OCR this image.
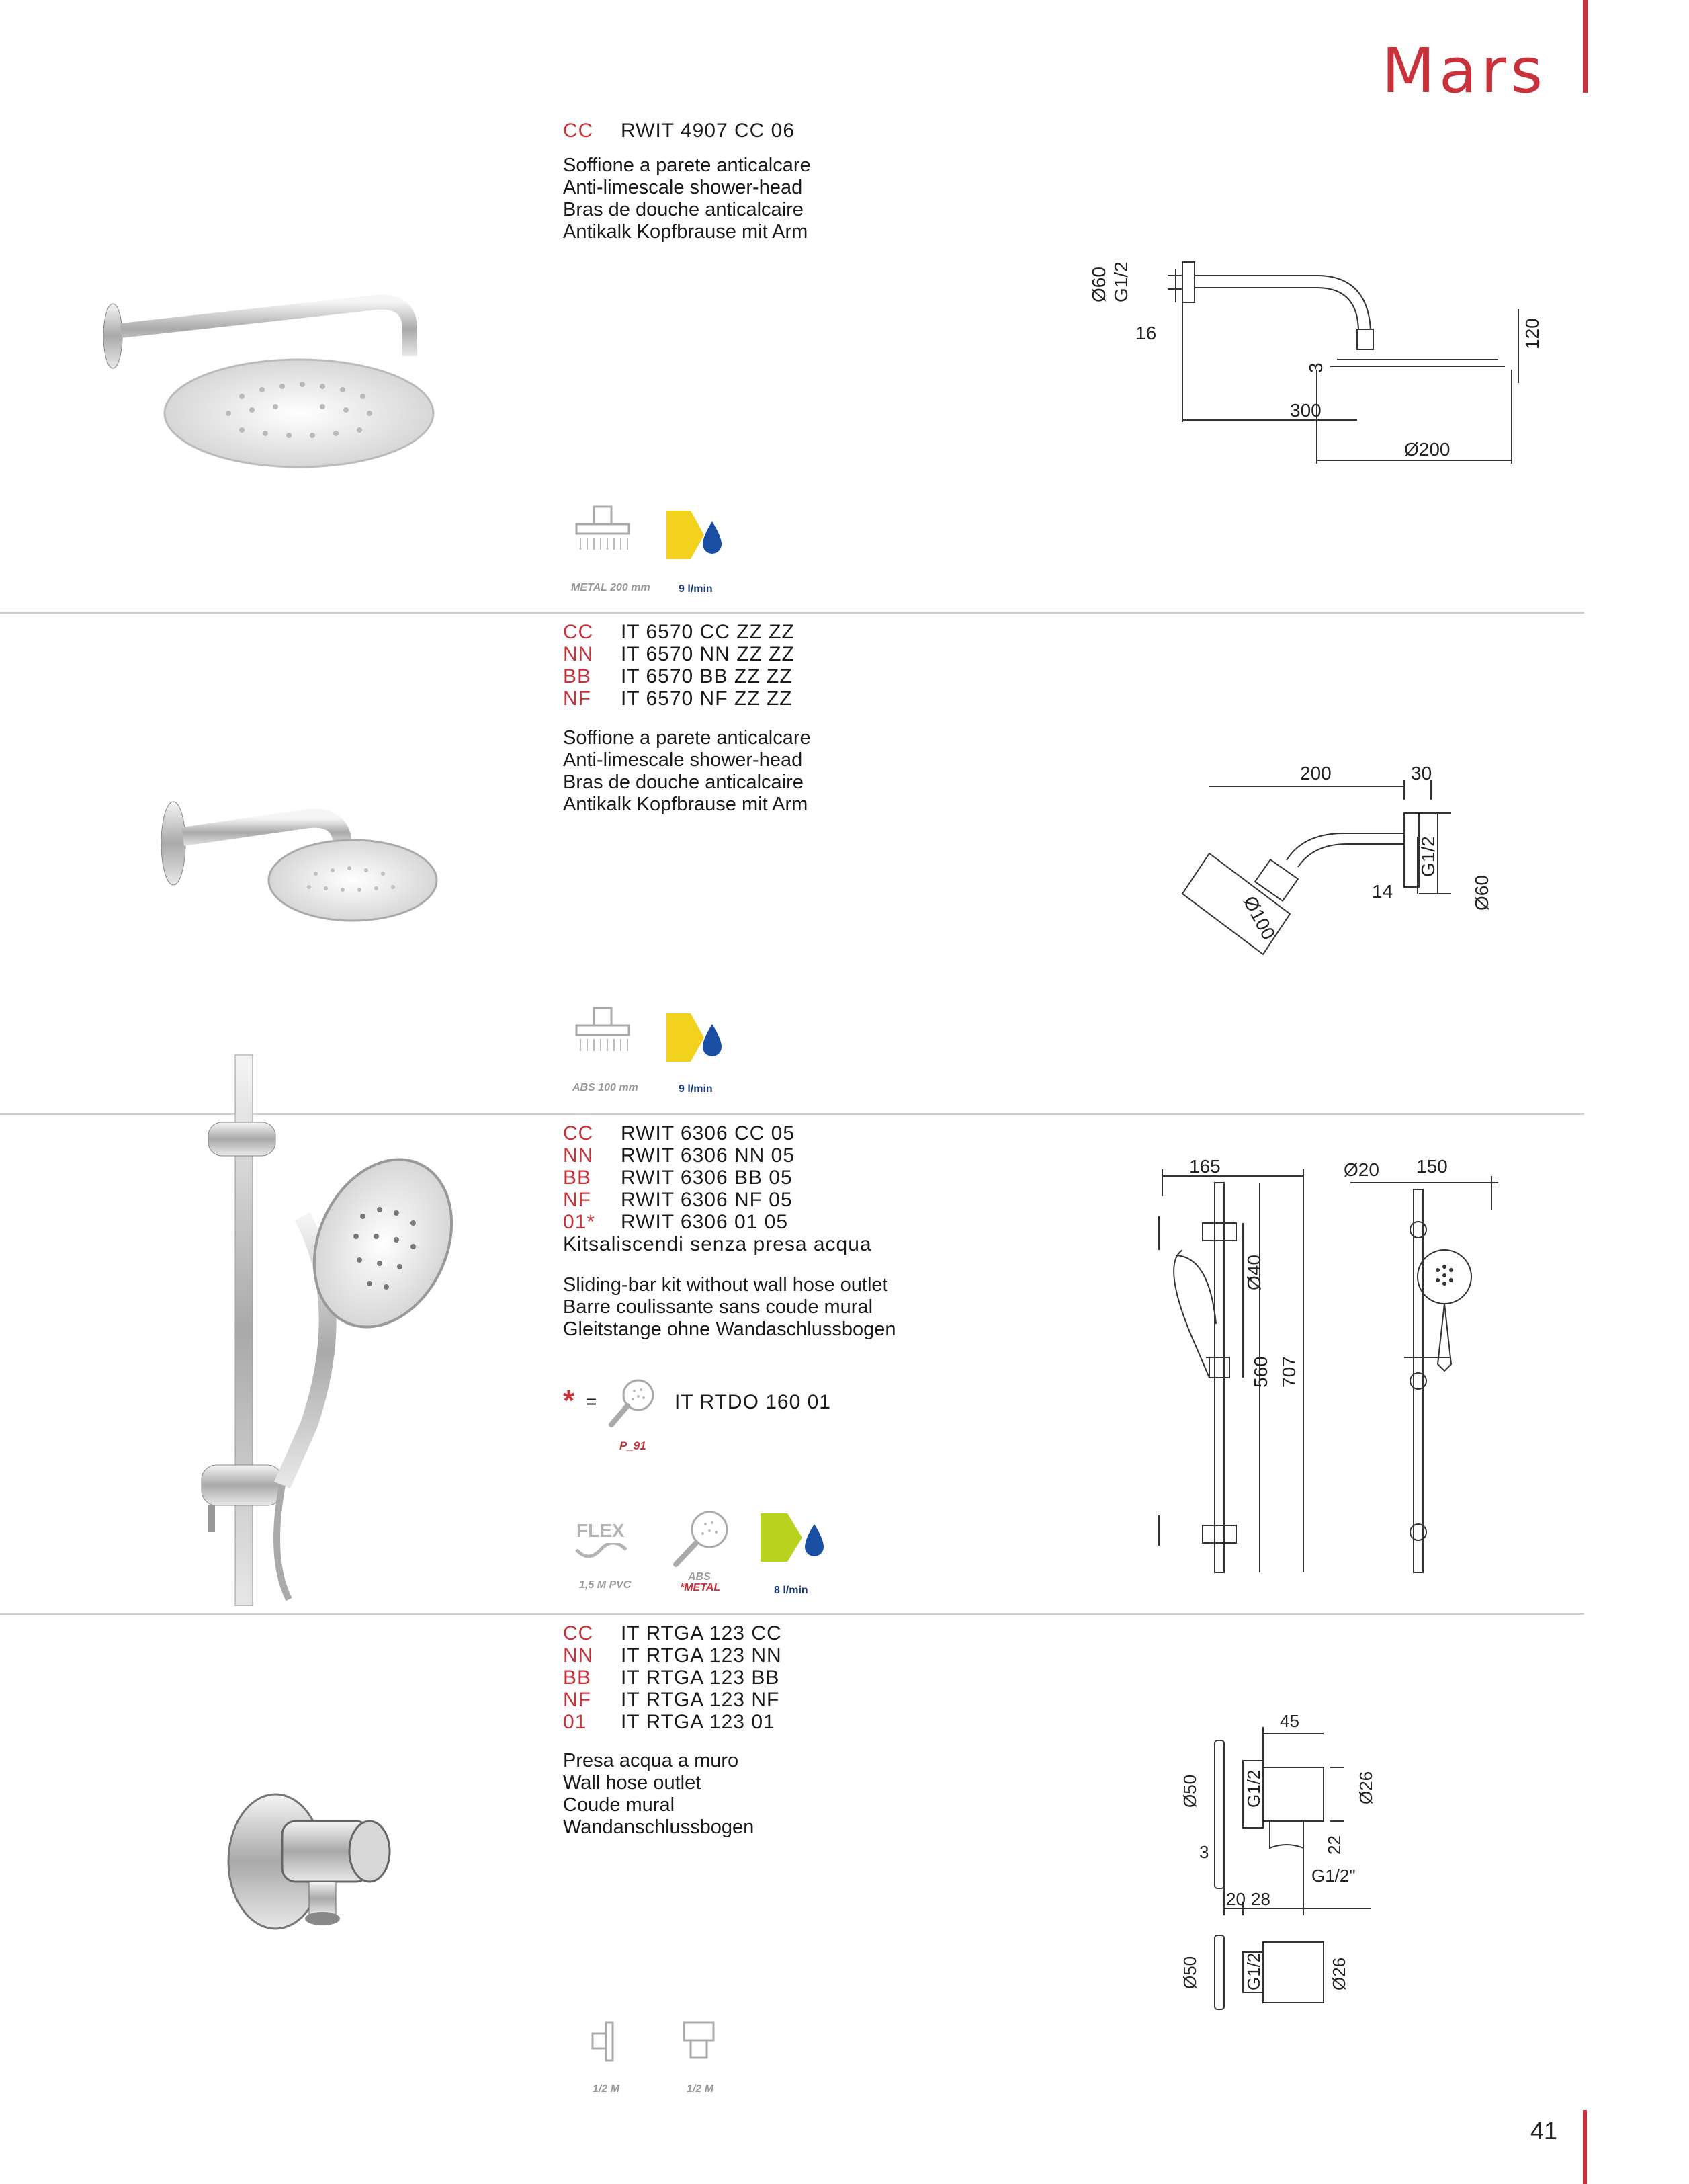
Mars
CC	RWIT 4907 CC 06
Soffione a parete anticalcare
Anti-limescale shower-head
Bras de douche anticalcaire
Antikalk Kopfbrause mit Arm
Ø60 G1/2
16
3
120
300
Ø200
METAL 200 mm	9 l/min
CC	IT 6570 CC ZZ ZZ
NN	IT 6570 NN ZZ ZZ
BB	IT 6570 BB ZZ ZZ
NF	IT 6570 NF ZZ ZZ
Soffione a parete anticalcare
Anti-limescale shower-head
Bras de douche anticalcaire
Antikalk Kopfbrause mit Arm
200	30
G1/2
14	Ø60
Ø100
ABS 100 mm	9 l/min
CC	RWIT 6306 CC 05
NN	RWIT 6306 NN 05
BB	RWIT 6306 BB 05
NF	RWIT 6306 NF 05
01*	RWIT 6306 01 05
Kitsaliscendi senza presa acqua
Sliding-bar kit without wall hose outlet
Barre coulissante sans coude mural
Gleitstange ohne Wandaschlussbogen
* =	IT RTDO 160 01
P_91
165
Ø40
560 707
Ø20 150
FLEX
1,5 M PVC
ABS
*METAL	8 l/min
CC	IT RTGA 123 CC
NN	IT RTGA 123 NN
BB	IT RTGA 123 BB
NF	IT RTGA 123 NF
01	IT RTGA 123 01
Presa acqua a muro
Wall hose outlet
Coude mural
Wandanschlussbogen
45
Ø50	G1/2	Ø26
22
3
G1/2"
20 28
Ø50	G1/2	Ø26
1/2 M	1/2 M
41
